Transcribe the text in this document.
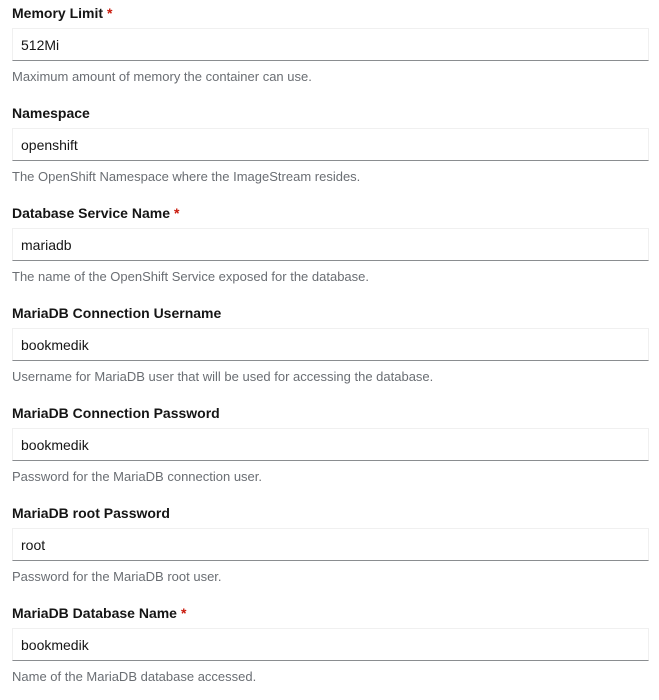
Memory Limit *
512Mi
Maximum amount of memory the container can use.
Namespace
openshift
The OpenShift Namespace where the ImageStream resides.
Database Service Name *
mariadb
The name of the OpenShift Service exposed for the database.
MariaDB Connection Username
bookmedik
Username for MariaDB user that will be used for accessing the database.
MariaDB Connection Password
bookmedik
Password for the MariaDB connection user.
MariaDB root Password
root
Password for the MariaDB root user.
MariaDB Database Name *
bookmedik
Name of the MariaDB database accessed.
